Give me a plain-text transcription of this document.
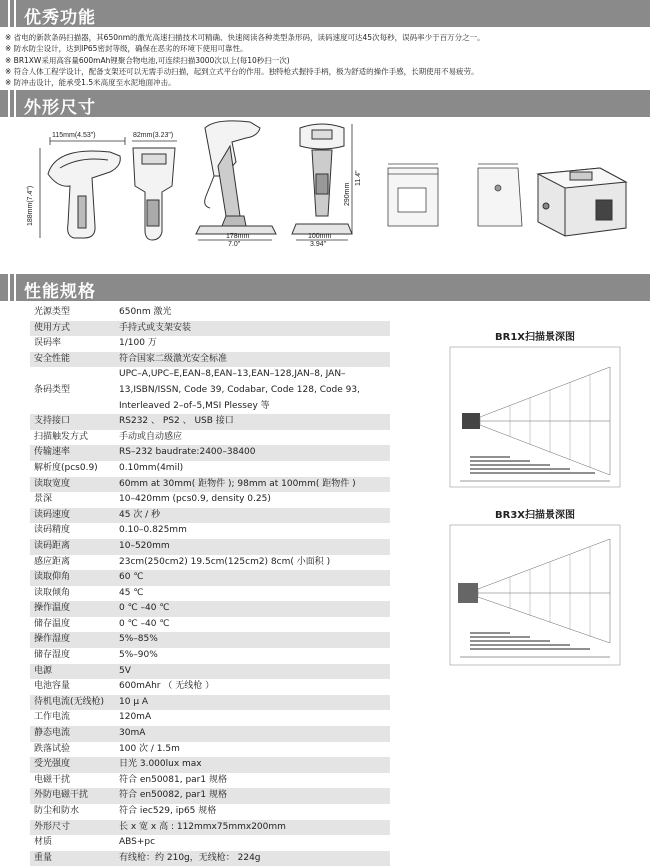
优秀功能
※ 省电的新款条码扫描器，其650nm的激光高速扫描技术可精确、快速阅读各种类型条形码，读码速度可达45次每秒，误码率少于百万分之一。
※ 防水防尘设计，达到IP65密封等级，确保在恶劣的环境下使用可靠性。
※ BR1XW采用高容量600mAh锂聚合物电池,可连续扫描3000次以上(每10秒扫一次)
※ 符合人体工程学设计，配备支架还可以无需手动扫描，起到立式平台的作用。独特枪式握持手柄，极为舒适的操作手感，长期使用不易疲劳。
※ 防冲击设计，能承受1.5米高度至水泥地面冲击。
外形尺寸
115mm(4.53")
188mm(7.4")
82mm(3.23")
178mm
7.0"
290mm
11.4"
100mm
3.94"
性能规格
光源类型	650nm 激光
使用方式	手持式或支架安装
误码率	1/100 万
安全性能	符合国家二级激光安全标准
条码类型	UPC–A,UPC–E,EAN–8,EAN–13,EAN–128,JAN–8, JAN–13,ISBN/ISSN, Code 39, Codabar, Code 128, Code 93, Interleaved 2–of–5,MSI Plessey 等
支持接口	RS232 、 PS2 、 USB 接口
扫描触发方式	手动或自动感应
传输速率	RS–232 baudrate:2400–38400
解析度(pcs0.9)	0.10mm(4mil)
读取宽度	60mm at 30mm( 距物件 ); 98mm at 100mm( 距物件 )
景深	10–420mm (pcs0.9, density 0.25)
读码速度	45 次 / 秒
读码精度	0.10–0.825mm
读码距离	10–520mm
感应距离	23cm(250cm2) 19.5cm(125cm2) 8cm( 小面积 )
读取仰角	60 ℃
读取倾角	45 ℃
操作温度	0 ℃ –40 ℃
储存温度	0 ℃ –40 ℃
操作湿度	5%–85%
储存湿度	5%–90%
电源	5V
电池容量	600mAhr （ 无线枪 ）
待机电流(无线枪)	10 μ A
工作电流	120mA
静态电流	30mA
跌落试验	100 次 / 1.5m
受光强度	日光 3.000lux max
电磁干扰	符合 en50081, par1 规格
外防电磁干扰	符合 en50082, par1 规格
防尘和防水	符合 iec529, ip65 规格
外形尺寸	长 x 宽 x 高 : 112mmx75mmx200mm
材质	ABS+pc
重量	有线枪：约 210g，无线枪： 224g
BR1X扫描景深图
BR3X扫描景深图
